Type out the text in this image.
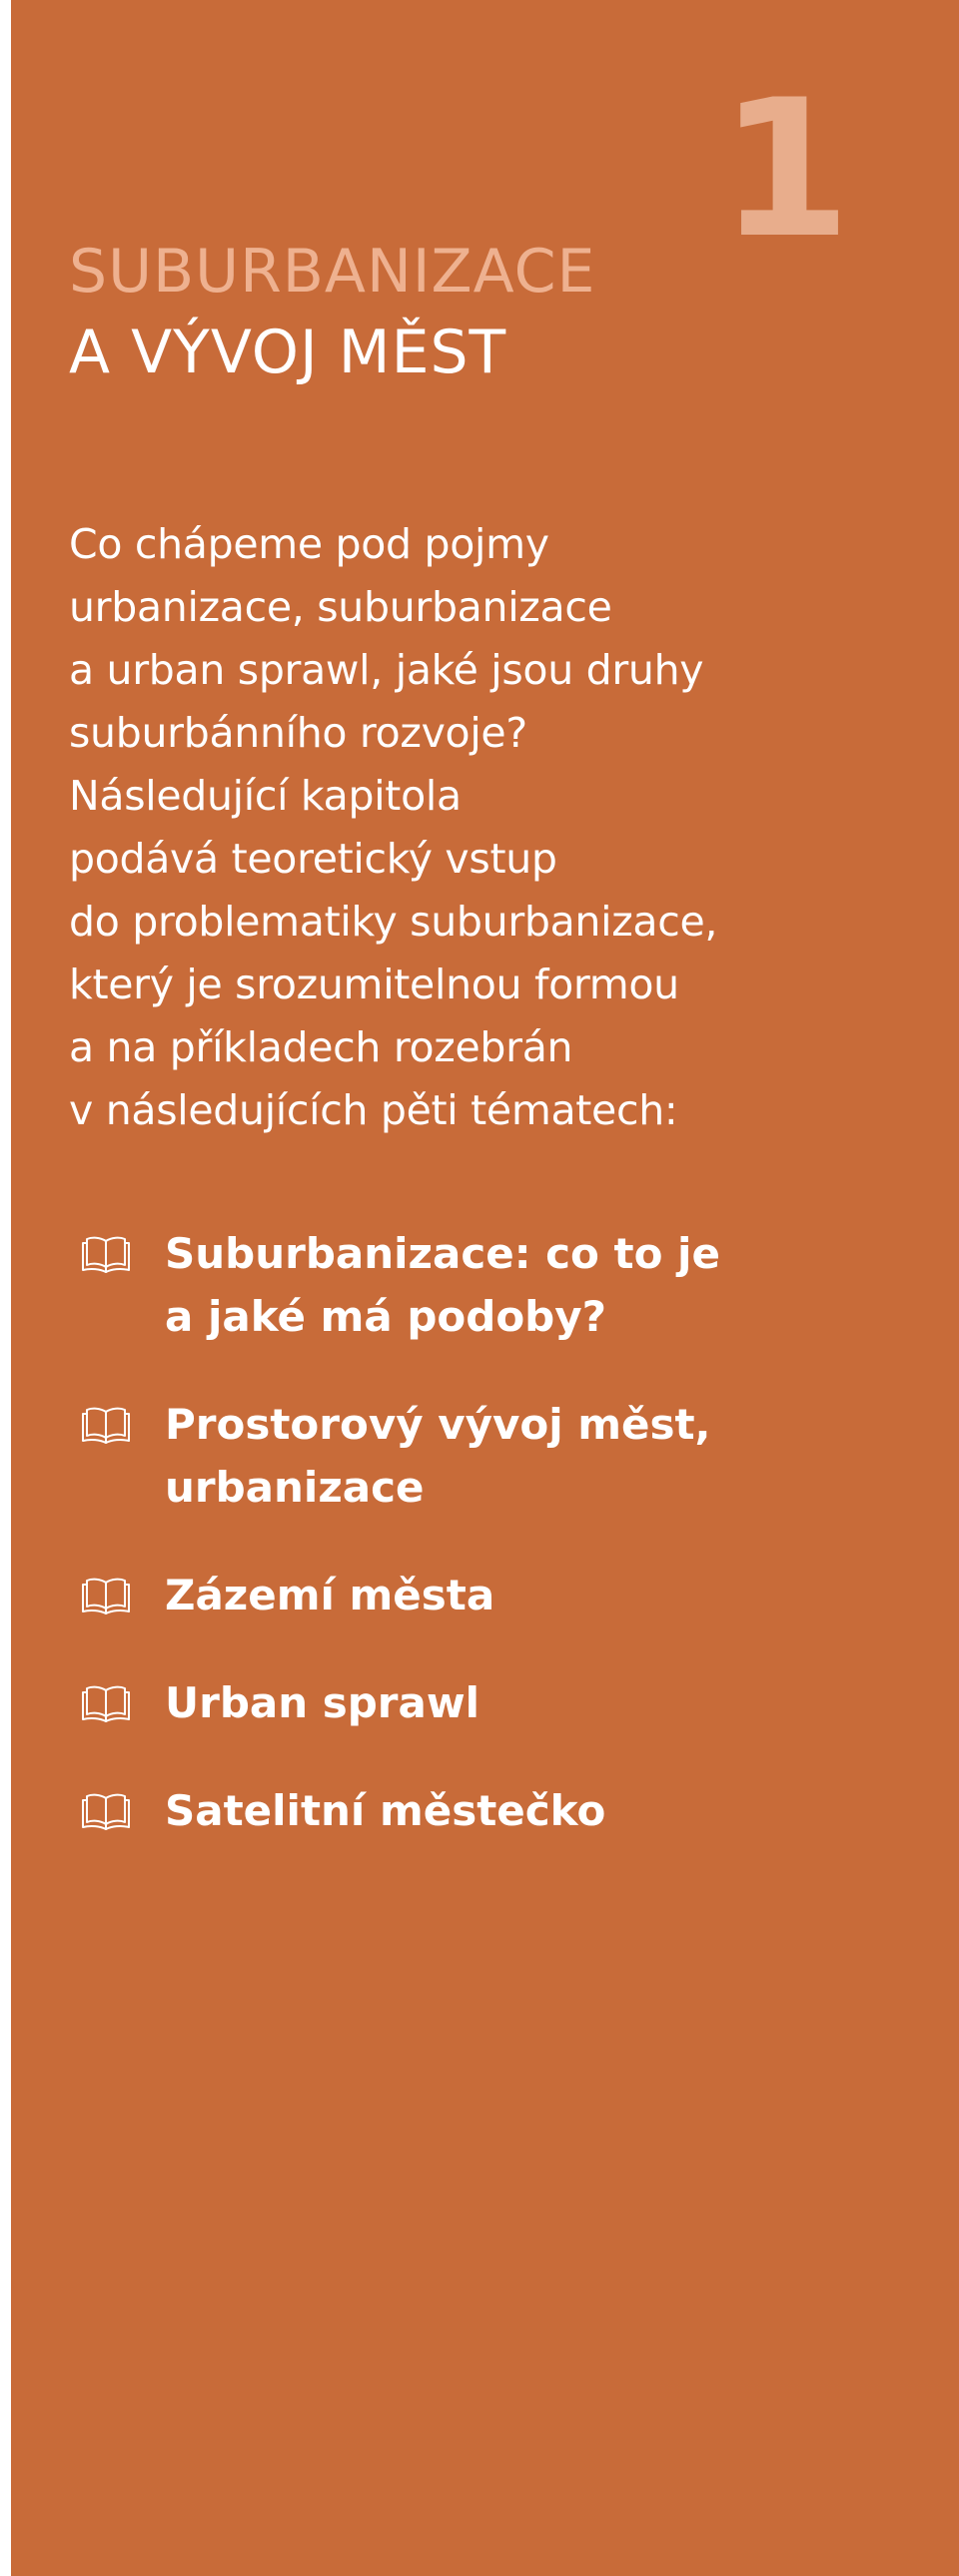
1
SUBURBANIZACE
A VÝVOJ MĚST

Co chápeme pod pojmy
urbanizace, suburbanizace
a urban sprawl, jaké jsou druhy
suburbánního rozvoje?
Následující kapitola
podává teoretický vstup
do problematiky suburbanizace,
který je srozumitelnou formou
a na příkladech rozebrán
v následujících pěti tématech:

Suburbanizace: co to je
a jaké má podoby?
Prostorový vývoj měst,
urbanizace
Zázemí města
Urban sprawl
Satelitní městečko
